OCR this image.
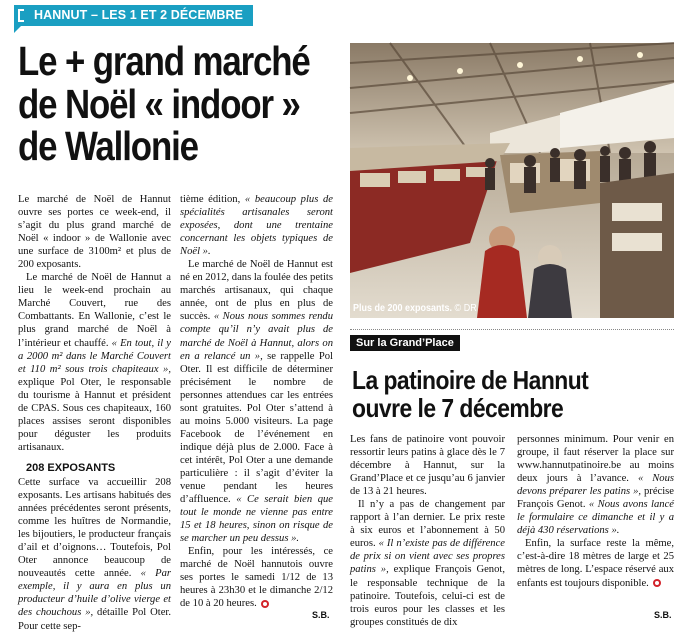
HANNUT – LES 1 ET 2 DÉCEMBRE
Le + grand marché
de Noël « indoor »
de Wallonie

Le marché de Noël de Hannut ouvre ses portes ce week-end, il s’agit du plus grand marché de Noël « indoor » de Wallonie avec une surface de 3100m² et plus de 200 exposants.

Le marché de Noël de Hannut a lieu le week-end prochain au Marché Couvert, rue des Combattants. En Wallonie, c’est le plus grand marché de Noël à l’intérieur et chauffé. « En tout, il y a 2000 m² dans le Marché Couvert et 110 m² sous trois chapiteaux », explique Pol Oter, le responsable du tourisme à Hannut et président de CPAS. Sous ces chapiteaux, 160 places assises seront disponibles pour déguster les produits artisanaux.

208 EXPOSANTS

Cette surface va accueillir 208 exposants. Les artisans habitués des années précédentes seront présents, comme les huîtres de Normandie, les bijoutiers, le producteur français d’ail et d’oignons… Toutefois, Pol Oter annonce beaucoup de nouveautés cette année. « Par exemple, il y aura en plus un producteur d’huile d’olive vierge et des chouchous », détaille Pol Oter. Pour cette sep-

tième édition, « beaucoup plus de spécialités artisanales seront exposées, dont une trentaine concernant les objets typiques de Noël ».

Le marché de Noël de Hannut est né en 2012, dans la foulée des petits marchés artisanaux, qui chaque année, ont de plus en plus de succès. « Nous nous sommes rendu compte qu’il n’y avait plus de marché de Noël à Hannut, alors on en a relancé un », se rappelle Pol Oter. Il est difficile de déterminer précisément le nombre de personnes attendues car les entrées sont gratuites. Pol Oter s’attend à au moins 5.000 visiteurs. La page Facebook de l’événement en indique déjà plus de 2.000. Face à cet intérêt, Pol Oter a une demande particulière : il s’agit d’éviter la venue pendant les heures d’affluence. « Ce serait bien que tout le monde ne vienne pas entre 15 et 18 heures, sinon on risque de se marcher un peu dessus ».

Enfin, pour les intéressés, ce marché de Noël hannutois ouvre ses portes le samedi 1/12 de 13 heures à 23h30 et le dimanche 2/12 de 10 à 20 heures.

S.B.
Plus de 200 exposants. © DR
Sur la Grand’Place
La patinoire de Hannut
ouvre le 7 décembre

Les fans de patinoire vont pouvoir ressortir leurs patins à glace dès le 7 décembre à Hannut, sur la Grand’Place et ce jusqu’au 6 janvier de 13 à 21 heures.

Il n’y a pas de changement par rapport à l’an dernier. Le prix reste à six euros et l’abonnement à 50 euros. « Il n’existe pas de différence de prix si on vient avec ses propres patins », explique François Genot, le responsable technique de la patinoire. Toutefois, celui-ci est de trois euros pour les classes et les groupes constitués de dix

personnes minimum. Pour venir en groupe, il faut réserver la place sur www.hannutpatinoire.be au moins deux jours à l’avance. « Nous devons préparer les patins », précise François Genot. « Nous avons lancé le formulaire ce dimanche et il y a déjà 430 réservations ».

Enfin, la surface reste la même, c’est-à-dire 18 mètres de large et 25 mètres de long. L’espace réservé aux enfants est toujours disponible.

S.B.
